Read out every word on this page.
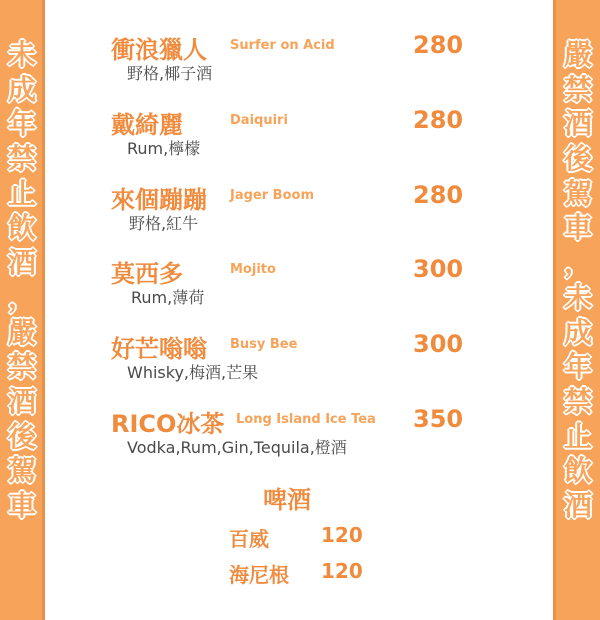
未
成
年
禁
止
飲
酒
，
嚴
禁
酒
後
駕
車

衝浪獵人 Surfer on Acid	280
野格,椰子酒
戴綺麗	Daiquiri	280
Rum,檸檬
來個蹦蹦 Jager Boom	280
野格,紅牛
莫西多	Mojito	300
Rum,薄荷
好芒嗡嗡 Busy Bee	300
Whisky,梅酒,芒果
RICO冰茶 Long Island Ice Tea 350
Vodka,Rum,Gin,Tequila,橙酒
啤酒
百威	120
海尼根 120
嚴
禁
酒
後
駕
車
，
未
成
年
禁
止
飲
酒
